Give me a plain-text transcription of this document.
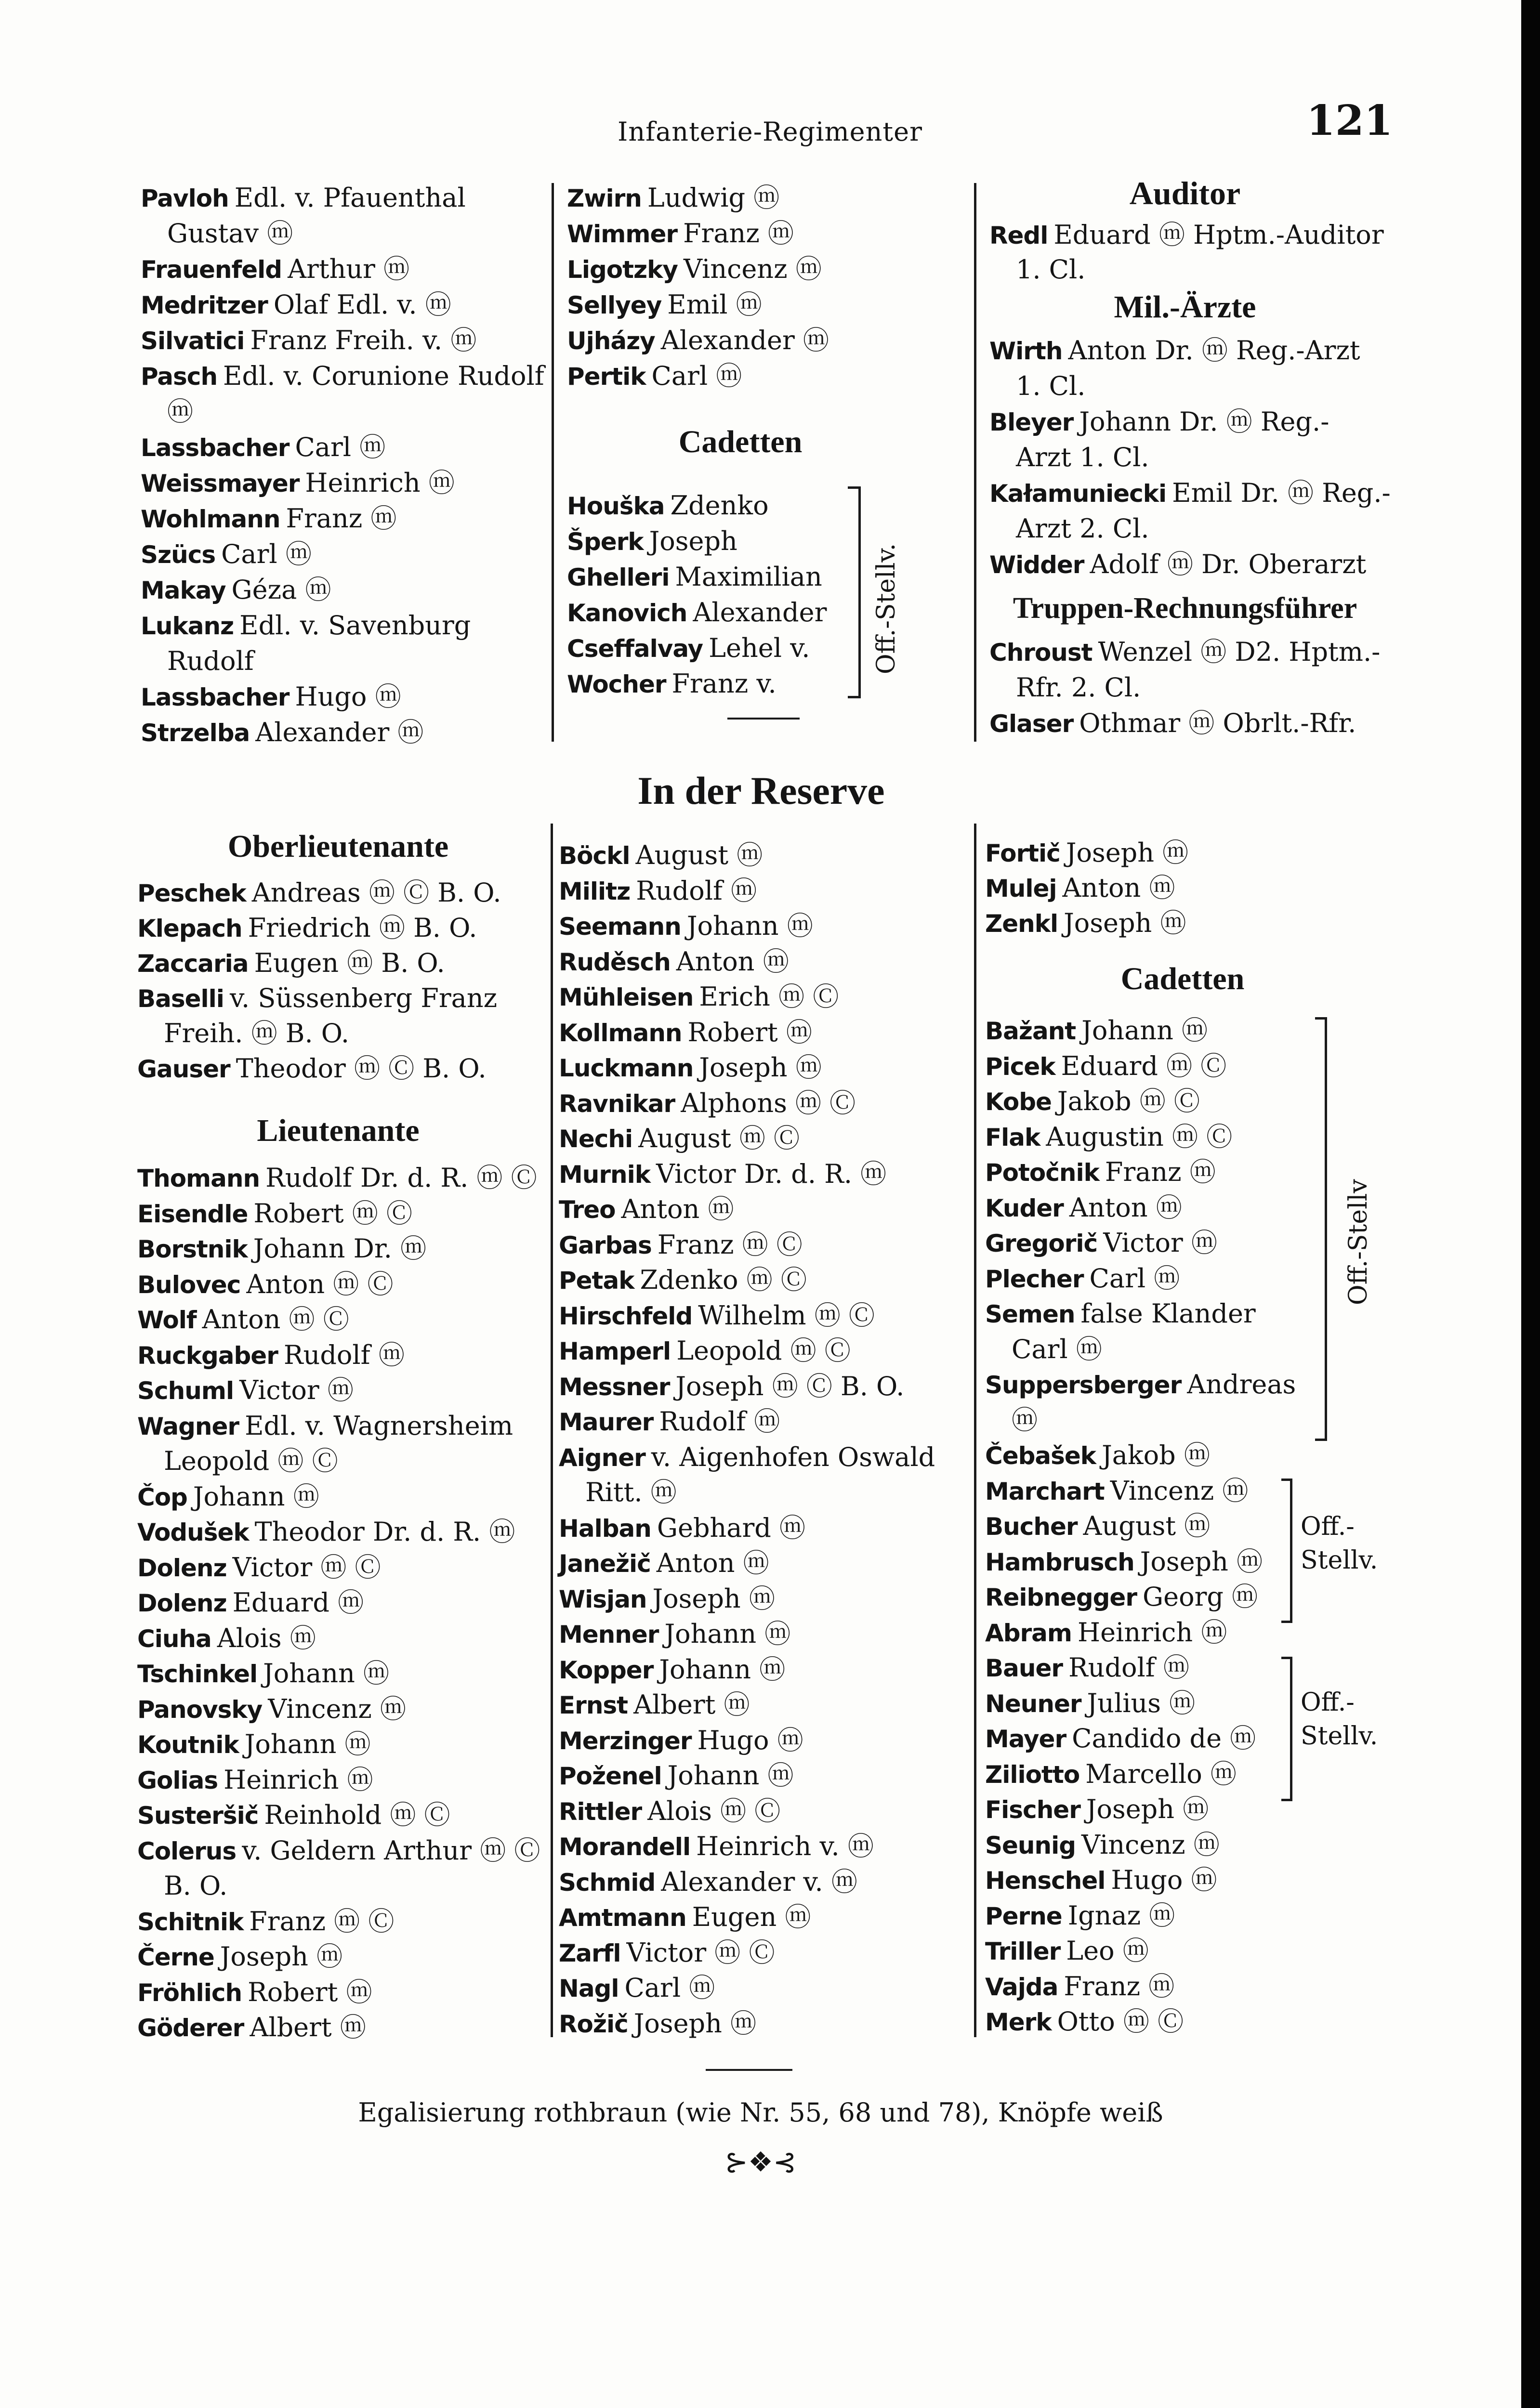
Infanterie-Regimenter	121
Pavloh Edl. v. Pfauenthal
Gustav ⓜ
Frauenfeld Arthur ⓜ
Medritzer Olaf Edl. v. ⓜ
Silvatici Franz Freih. v. ⓜ
Pasch Edl. v. Corunione Rudolf
ⓜ
Lassbacher Carl ⓜ
Weissmayer Heinrich ⓜ
Wohlmann Franz ⓜ
Szücs Carl ⓜ
Makay Géza ⓜ
Lukanz Edl. v. Savenburg
Rudolf
Lassbacher Hugo ⓜ
Strzelba Alexander ⓜ
Zwirn Ludwig ⓜ
Wimmer Franz ⓜ
Ligotzky Vincenz ⓜ
Sellyey Emil ⓜ
Ujházy Alexander ⓜ
Pertik Carl ⓜ
Cadetten
Houška Zdenko
Šperk Joseph
Ghelleri Maximilian
Kanovich Alexander
Cseffalvay Lehel v.
Wocher Franz v.
Off.-Stellv.
Auditor
Redl Eduard ⓜ Hptm.-Auditor
1. Cl.
Mil.-Ärzte
Wirth Anton Dr. ⓜ Reg.-Arzt
1. Cl.
Bleyer Johann Dr. ⓜ Reg.-
Arzt 1. Cl.
Kałamuniecki Emil Dr. ⓜ Reg.-
Arzt 2. Cl.
Widder Adolf ⓜ Dr. Oberarzt
Truppen-Rechnungsführer
Chroust Wenzel ⓜ D2. Hptm.-
Rfr. 2. Cl.
Glaser Othmar ⓜ Obrlt.-Rfr.
In der Reserve
Oberlieutenante
Peschek Andreas ⓜ Ⓒ B. O.
Klepach Friedrich ⓜ B. O.
Zaccaria Eugen ⓜ B. O.
Baselli v. Süssenberg Franz
Freih. ⓜ B. O.
Gauser Theodor ⓜ Ⓒ B. O.
Lieutenante
Thomann Rudolf Dr. d. R. ⓜ Ⓒ
Eisendle Robert ⓜ Ⓒ
Borstnik Johann Dr. ⓜ
Bulovec Anton ⓜ Ⓒ
Wolf Anton ⓜ Ⓒ
Ruckgaber Rudolf ⓜ
Schuml Victor ⓜ
Wagner Edl. v. Wagnersheim
Leopold ⓜ Ⓒ
Čop Johann ⓜ
Vodušek Theodor Dr. d. R. ⓜ
Dolenz Victor ⓜ Ⓒ
Dolenz Eduard ⓜ
Ciuha Alois ⓜ
Tschinkel Johann ⓜ
Panovsky Vincenz ⓜ
Koutnik Johann ⓜ
Golias Heinrich ⓜ
Susteršič Reinhold ⓜ Ⓒ
Colerus v. Geldern Arthur ⓜ Ⓒ
B. O.
Schitnik Franz ⓜ Ⓒ
Černe Joseph ⓜ
Fröhlich Robert ⓜ
Göderer Albert ⓜ
Böckl August ⓜ
Militz Rudolf ⓜ
Seemann Johann ⓜ
Ruděsch Anton ⓜ
Mühleisen Erich ⓜ Ⓒ
Kollmann Robert ⓜ
Luckmann Joseph ⓜ
Ravnikar Alphons ⓜ Ⓒ
Nechi August ⓜ Ⓒ
Murnik Victor Dr. d. R. ⓜ
Treo Anton ⓜ
Garbas Franz ⓜ Ⓒ
Petak Zdenko ⓜ Ⓒ
Hirschfeld Wilhelm ⓜ Ⓒ
Hamperl Leopold ⓜ Ⓒ
Messner Joseph ⓜ Ⓒ B. O.
Maurer Rudolf ⓜ
Aigner v. Aigenhofen Oswald
Ritt. ⓜ
Halban Gebhard ⓜ
Janežič Anton ⓜ
Wisjan Joseph ⓜ
Menner Johann ⓜ
Kopper Johann ⓜ
Ernst Albert ⓜ
Merzinger Hugo ⓜ
Poženel Johann ⓜ
Rittler Alois ⓜ Ⓒ
Morandell Heinrich v. ⓜ
Schmid Alexander v. ⓜ
Amtmann Eugen ⓜ
Zarfl Victor ⓜ Ⓒ
Nagl Carl ⓜ
Rožič Joseph ⓜ
Fortič Joseph ⓜ
Mulej Anton ⓜ
Zenkl Joseph ⓜ
Cadetten
Bažant Johann ⓜ
Picek Eduard ⓜ Ⓒ
Kobe Jakob ⓜ Ⓒ
Flak Augustin ⓜ Ⓒ
Potočnik Franz ⓜ
Kuder Anton ⓜ
Gregorič Victor ⓜ
Plecher Carl ⓜ
Semen false Klander
Carl ⓜ
Suppersberger Andreas
ⓜ
Čebašek Jakob ⓜ
Marchart Vincenz ⓜ
Bucher August ⓜ
Hambrusch Joseph ⓜ
Reibnegger Georg ⓜ
Abram Heinrich ⓜ
Bauer Rudolf ⓜ
Neuner Julius ⓜ
Mayer Candido de ⓜ
Ziliotto Marcello ⓜ
Fischer Joseph ⓜ
Seunig Vincenz ⓜ
Henschel Hugo ⓜ
Perne Ignaz ⓜ
Triller Leo ⓜ
Vajda Franz ⓜ
Merk Otto ⓜ Ⓒ
Off.-Stellv
Off.-
Stellv.
Off.-
Stellv.
Egalisierung rothbraun (wie Nr. 55, 68 und 78), Knöpfe weiß
⊱❖⊰
